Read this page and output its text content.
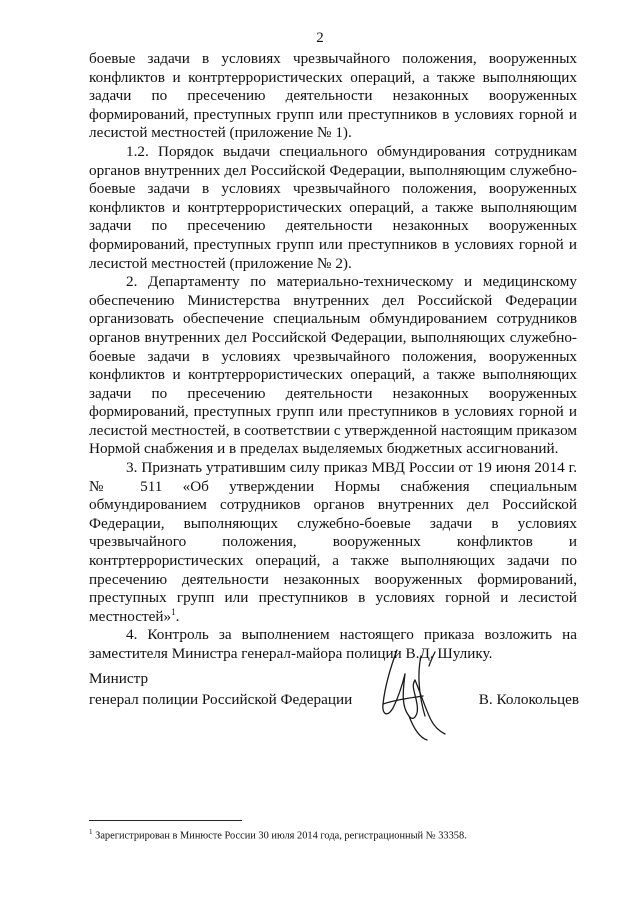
2

боевые задачи в условиях чрезвычайного положения, вооруженных конфликтов и контртеррористических операций, а также выполняющих задачи по пресечению деятельности незаконных вооруженных формирований, преступных групп или преступников в условиях горной и лесистой местностей (приложение № 1).

1.2. Порядок выдачи специального обмундирования сотрудникам органов внутренних дел Российской Федерации, выполняющим служебно-боевые задачи в условиях чрезвычайного положения, вооруженных конфликтов и контртеррористических операций, а также выполняющим задачи по пресечению деятельности незаконных вооруженных формирований, преступных групп или преступников в условиях горной и лесистой местностей (приложение № 2).

2. Департаменту по материально-техническому и медицинскому обеспечению Министерства внутренних дел Российской Федерации организовать обеспечение специальным обмундированием сотрудников органов внутренних дел Российской Федерации, выполняющих служебно-боевые задачи в условиях чрезвычайного положения, вооруженных конфликтов и контртеррористических операций, а также выполняющих задачи по пресечению деятельности незаконных вооруженных формирований, преступных групп или преступников в условиях горной и лесистой местностей, в соответствии с утвержденной настоящим приказом Нормой снабжения и в пределах выделяемых бюджетных ассигнований.

3. Признать утратившим силу приказ МВД России от 19 июня 2014 г. № 511 «Об утверждении Нормы снабжения специальным обмундированием сотрудников органов внутренних дел Российской Федерации, выполняющих служебно-боевые задачи в условиях чрезвычайного положения, вооруженных конфликтов и контртеррористических операций, а также выполняющих задачи по пресечению деятельности незаконных вооруженных формирований, преступных групп или преступников в условиях горной и лесистой местностей»$^1$.

4. Контроль за выполнением настоящего приказа возложить на заместителя Министра генерал-майора полиции В.Д. Шулику.

Министр
генерал полиции Российской Федерации	В. Колокольцев
$^1$ Зарегистрирован в Минюсте России 30 июля 2014 года, регистрационный № 33358.
